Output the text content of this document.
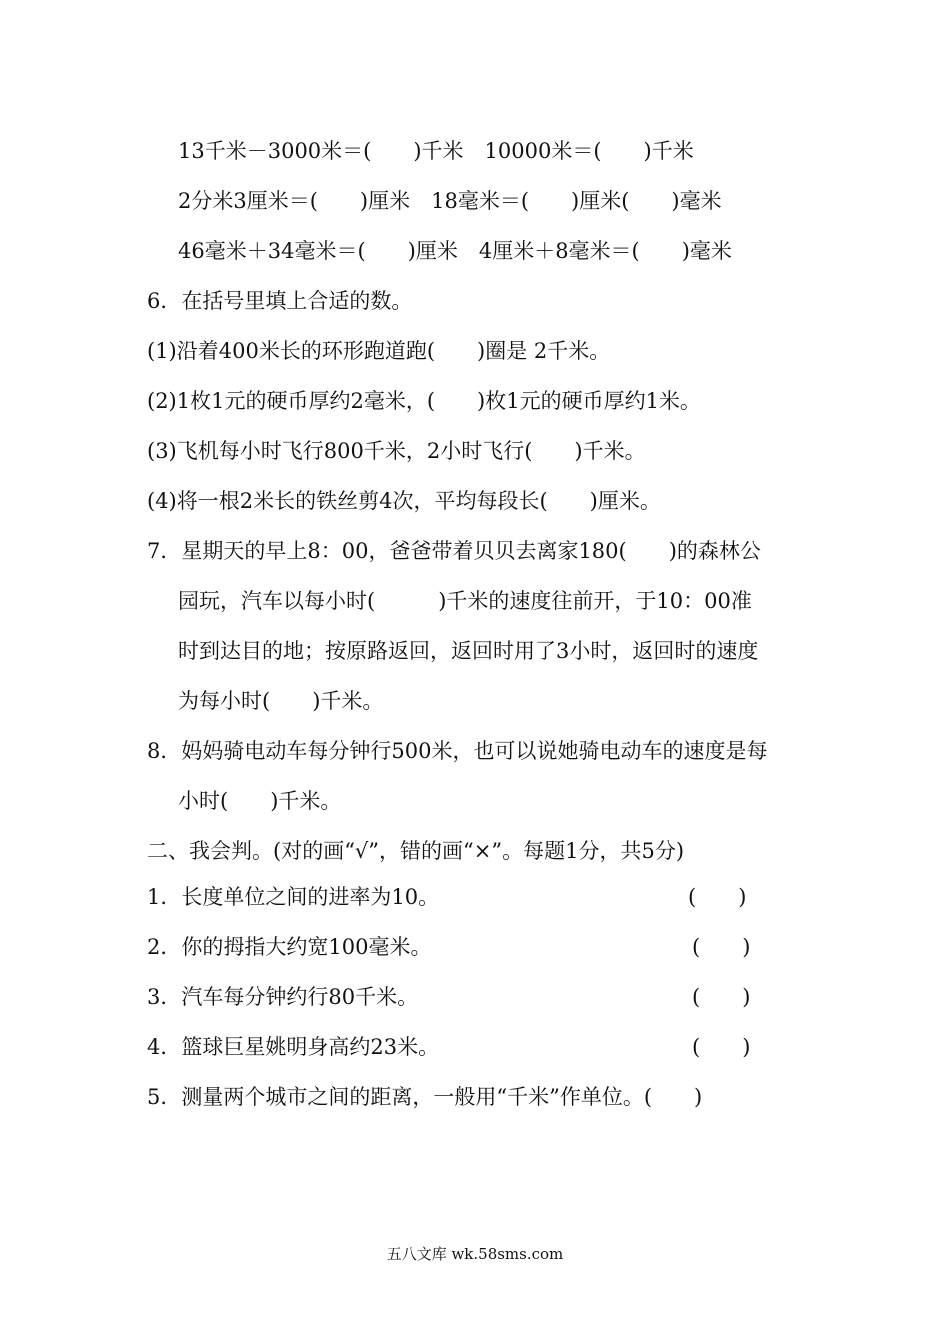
13千米－3000米＝(　　)千米　10000米＝(　　)千米
2分米3厘米＝(　　)厘米　18毫米＝(　　)厘米(　　)毫米
46毫米＋34毫米＝(　　)厘米　4厘米＋8毫米＝(　　)毫米
6．在括号里填上合适的数。
(1)沿着400米长的环形跑道跑(　　)圈是 2千米。
(2)1枚1元的硬币厚约2毫米，(　　)枚1元的硬币厚约1米。
(3)飞机每小时飞行800千米，2小时飞行(　　)千米。
(4)将一根2米长的铁丝剪4次，平均每段长(　　)厘米。
7．星期天的早上8：00，爸爸带着贝贝去离家180(　　)的森林公
园玩，汽车以每小时(　　　)千米的速度往前开，于10：00准
时到达目的地；按原路返回，返回时用了3小时，返回时的速度
为每小时(　　)千米。
8．妈妈骑电动车每分钟行500米，也可以说她骑电动车的速度是每
小时(　　)千米。
二、我会判。(对的画“√”，错的画“×”。每题1分，共5分)
1．长度单位之间的进率为10。	(　　)
2．你的拇指大约宽100毫米。	(　　)
3．汽车每分钟约行80千米。	(　　)
4．篮球巨星姚明身高约23米。	(　　)
5．测量两个城市之间的距离，一般用“千米”作单位。(　　)
五八文库 wk.58sms.com
